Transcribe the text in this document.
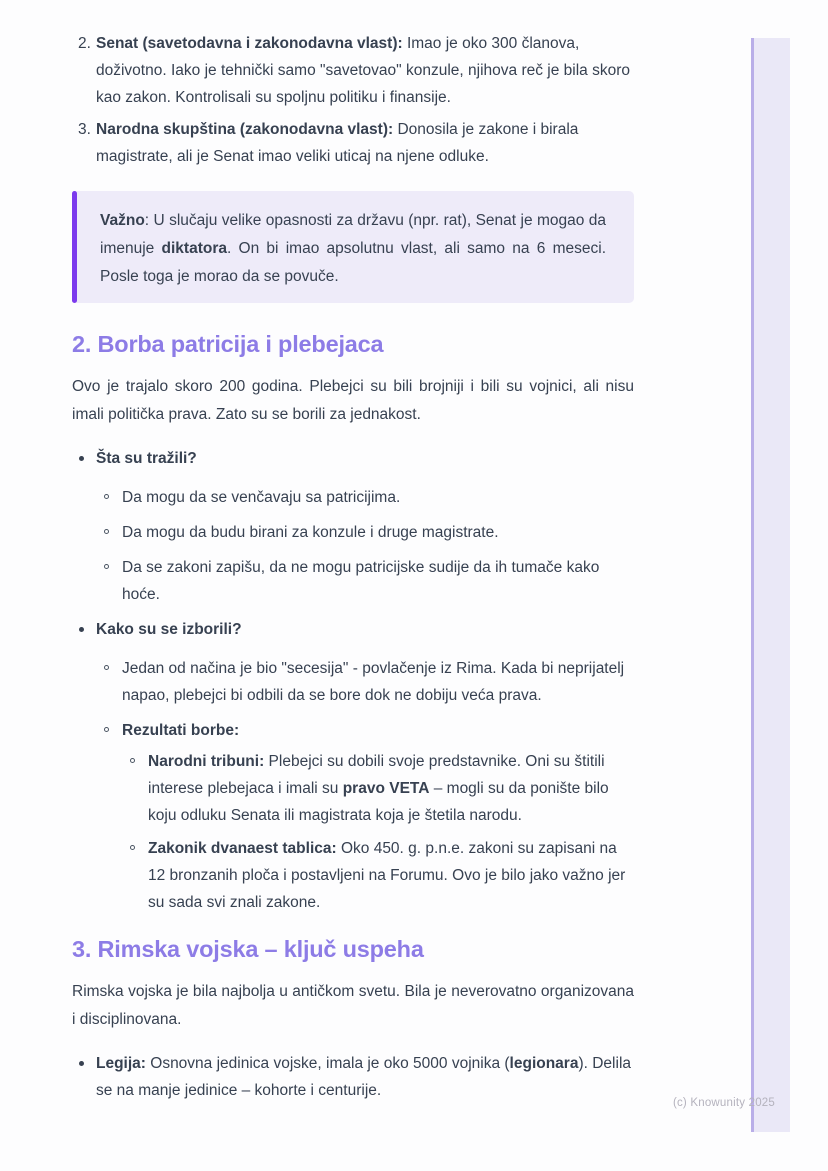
2. Senat (savetodavna i zakonodavna vlast): Imao je oko 300 članova, doživotno. Iako je tehnički samo "savetovao" konzule, njihova reč je bila skoro kao zakon. Kontrolisali su spoljnu politiku i finansije.

3. Narodna skupština (zakonodavna vlast): Donosila je zakone i birala magistrate, ali je Senat imao veliki uticaj na njene odluke.

Važno: U slučaju velike opasnosti za državu (npr. rat), Senat je mogao da imenuje diktatora. On bi imao apsolutnu vlast, ali samo na 6 meseci. Posle toga je morao da se povuče.

2. Borba patricija i plebejaca

Ovo je trajalo skoro 200 godina. Plebejci su bili brojniji i bili su vojnici, ali nisu imali politička prava. Zato su se borili za jednakost.

Šta su tražili?
Da mogu da se venčavaju sa patricijima.
Da mogu da budu birani za konzule i druge magistrate.
Da se zakoni zapišu, da ne mogu patricijske sudije da ih tumače kako hoće.
Kako su se izborili?
Jedan od načina je bio "secesija" - povlačenje iz Rima. Kada bi neprijatelj napao, plebejci bi odbili da se bore dok ne dobiju veća prava.
Rezultati borbe:
Narodni tribuni: Plebejci su dobili svoje predstavnike. Oni su štitili interese plebejaca i imali su pravo VETA – mogli su da ponište bilo koju odluku Senata ili magistrata koja je štetila narodu.
Zakonik dvanaest tablica: Oko 450. g. p.n.e. zakoni su zapisani na 12 bronzanih ploča i postavljeni na Forumu. Ovo je bilo jako važno jer su sada svi znali zakone.
3. Rimska vojska – ključ uspeha

Rimska vojska je bila najbolja u antičkom svetu. Bila je neverovatno organizovana i disciplinovana.

Legija: Osnovna jedinica vojske, imala je oko 5000 vojnika (legionara). Delila se na manje jedinice – kohorte i centurije.
(c) Knowunity 2025
